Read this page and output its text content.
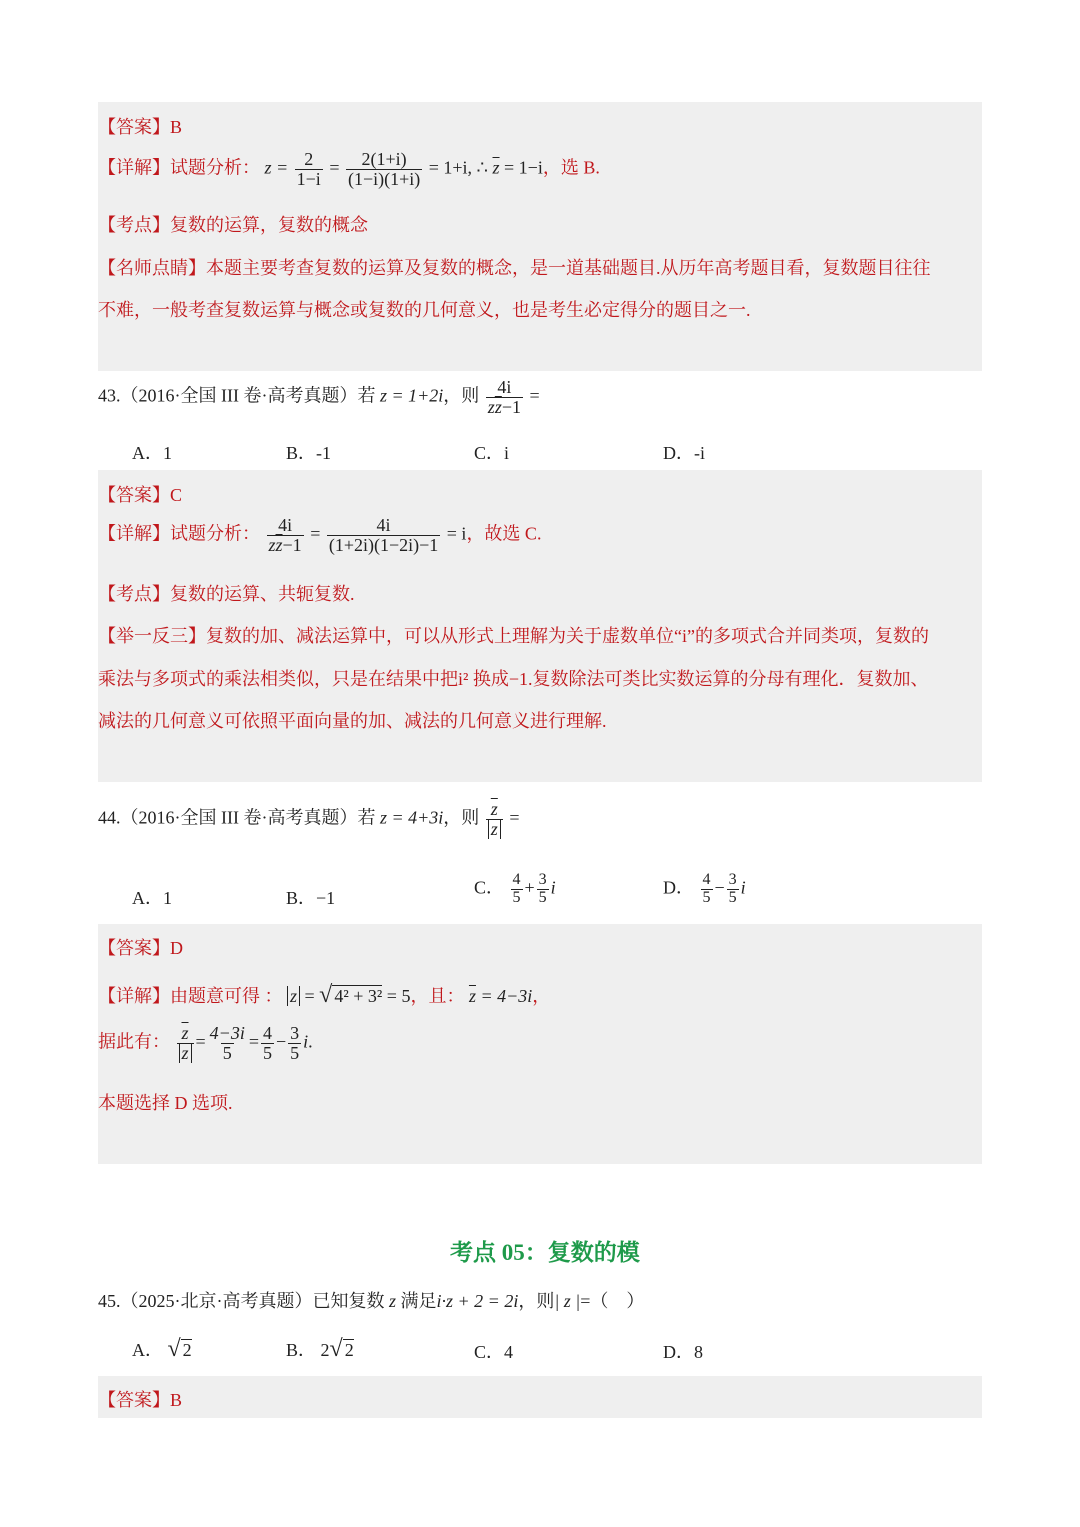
【答案】B
【详解】试题分析： $z = \frac{2}{1-i} = \frac{2(1+i)}{(1-i)(1+i)} = 1+i$, ∴ $\overline{z} = 1-i$，选 B.
【考点】复数的运算，复数的概念
【名师点睛】本题主要考查复数的运算及复数的概念，是一道基础题目.从历年高考题目看，复数题目往往
不难，一般考查复数运算与概念或复数的几何意义，也是考生必定得分的题目之一.
43.（2016·全国 III 卷·高考真题）若 z = 1+2i，则 $\frac{4i}{z\overline{z}-1}$ =
A．1	B．-1	C．i	D．-i
【答案】C
【详解】试题分析： $\frac{4i}{z\overline{z}-1} = \frac{4i}{(1+2i)(1-2i)-1} = i$，故选 C.
【考点】复数的运算、共轭复数.
【举一反三】复数的加、减法运算中，可以从形式上理解为关于虚数单位“i”的多项式合并同类项，复数的
乘法与多项式的乘法相类似，只是在结果中把i² 换成−1.复数除法可类比实数运算的分母有理化．复数加、
减法的几何意义可依照平面向量的加、减法的几何意义进行理解.
44.（2016·全国 III 卷·高考真题）若 z = 4+3i，则 $\frac{\overline{z}}{z}$ =
A．1	B．−1
C． $\frac{4}{5} + \frac{3}{5}$ i	D． $\frac{4}{5} - \frac{3}{5}$ i
【答案】D
【详解】由题意可得 ： z = √ 4² + 3² = 5，且： $\overline{z} = 4-3i$，
据此有： $\frac{\overline{z}}{z} = \frac{4-3i}{5} = \frac{4}{5} - \frac{3}{5} i$.
本题选择 D 选项.
考点 05：复数的模
45.（2025·北京·高考真题）已知复数 z 满足i·z + 2 = 2i，则| z |=（　）
A． √ 2	B． 2√ 2	C．4	D．8
【答案】B
